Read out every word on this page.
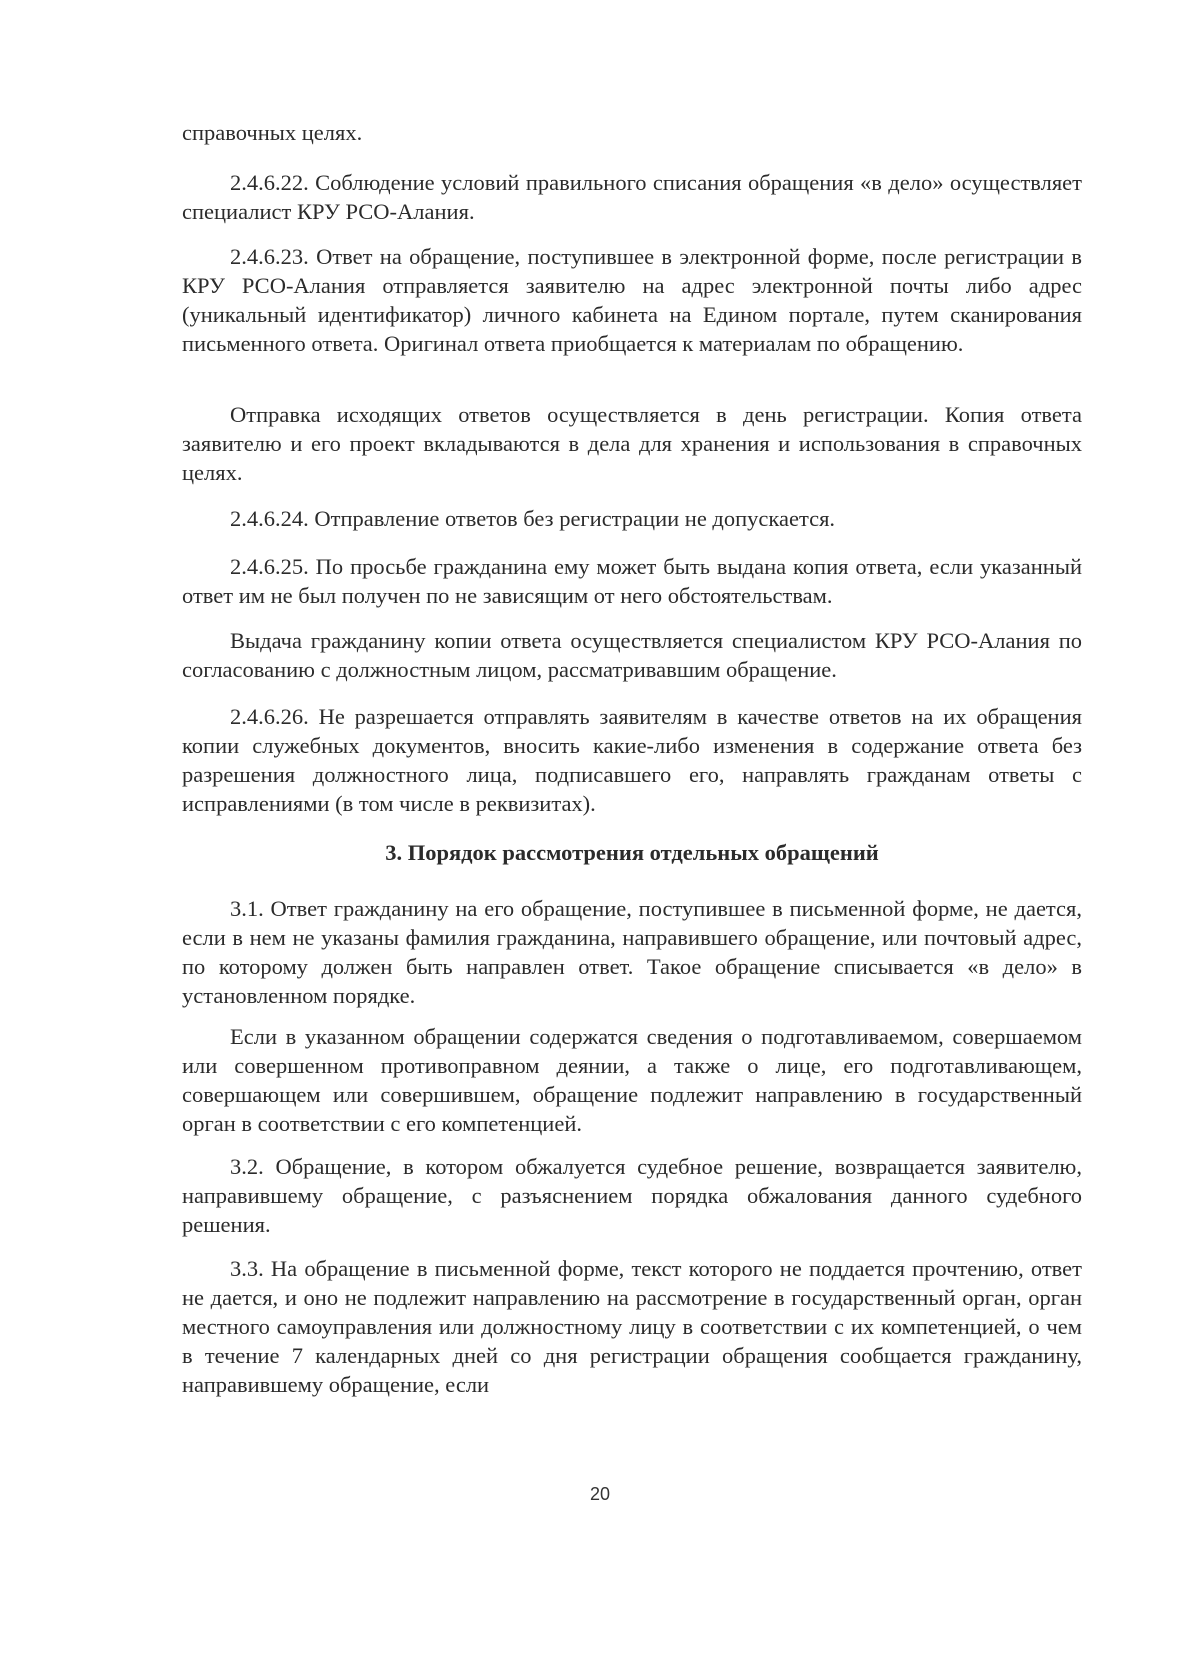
справочных целях.

2.4.6.22. Соблюдение условий правильного списания обращения «в дело» осуществляет специалист КРУ РСО-Алания.

2.4.6.23. Ответ на обращение, поступившее в электронной форме, после регистрации в КРУ РСО-Алания отправляется заявителю на адрес электронной почты либо адрес (уникальный идентификатор) личного кабинета на Едином портале, путем сканирования письменного ответа. Оригинал ответа приобщается к материалам по обращению.

Отправка исходящих ответов осуществляется в день регистрации. Копия ответа заявителю и его проект вкладываются в дела для хранения и использования в справочных целях.

2.4.6.24. Отправление ответов без регистрации не допускается.

2.4.6.25. По просьбе гражданина ему может быть выдана копия ответа, если указанный ответ им не был получен по не зависящим от него обстоятельствам.

Выдача гражданину копии ответа осуществляется специалистом КРУ РСО-Алания по согласованию с должностным лицом, рассматривавшим обращение.

2.4.6.26. Не разрешается отправлять заявителям в качестве ответов на их обращения копии служебных документов, вносить какие-либо изменения в содержание ответа без разрешения должностного лица, подписавшего его, направлять гражданам ответы с исправлениями (в том числе в реквизитах).

3. Порядок рассмотрения отдельных обращений

3.1. Ответ гражданину на его обращение, поступившее в письменной форме, не дается, если в нем не указаны фамилия гражданина, направившего обращение, или почтовый адрес, по которому должен быть направлен ответ. Такое обращение списывается «в дело» в установленном порядке.

Если в указанном обращении содержатся сведения о подготавливаемом, совершаемом или совершенном противоправном деянии, а также о лице, его подготавливающем, совершающем или совершившем, обращение подлежит направлению в государственный орган в соответствии с его компетенцией.

3.2. Обращение, в котором обжалуется судебное решение, возвращается заявителю, направившему обращение, с разъяснением порядка обжалования данного судебного решения.

3.3. На обращение в письменной форме, текст которого не поддается прочтению, ответ не дается, и оно не подлежит направлению на рассмотрение в государственный орган, орган местного самоуправления или должностному лицу в соответствии с их компетенцией, о чем в течение 7 календарных дней со дня регистрации обращения сообщается гражданину, направившему обращение, если

20
